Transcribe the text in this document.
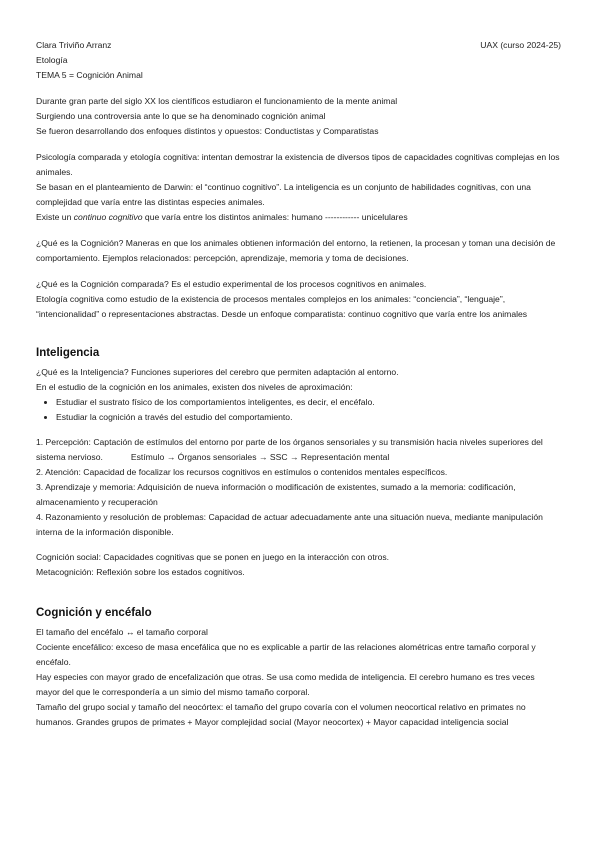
UAX (curso 2024-25)

Clara Triviño Arranz

Etología

TEMA 5 = Cognición Animal

Durante gran parte del siglo XX los científicos estudiaron el funcionamiento de la mente animal

Surgiendo una controversia ante lo que se ha denominado cognición animal

Se fueron desarrollando dos enfoques distintos y opuestos: Conductistas y Comparatistas

Psicología comparada y etología cognitiva: intentan demostrar la existencia de diversos tipos de capacidades cognitivas complejas en los animales.

Se basan en el planteamiento de Darwin: el “continuo cognitivo”. La inteligencia es un conjunto de habilidades cognitivas, con una complejidad que varía entre las distintas especies animales.

Existe un continuo cognitivo que varía entre los distintos animales: humano ------------ unicelulares

¿Qué es la Cognición? Maneras en que los animales obtienen información del entorno, la retienen, la procesan y toman una decisión de comportamiento. Ejemplos relacionados: percepción, aprendizaje, memoria y toma de decisiones.

¿Qué es la Cognición comparada? Es el estudio experimental de los procesos cognitivos en animales.

Etología cognitiva como estudio de la existencia de procesos mentales complejos en los animales: “conciencia”, “lenguaje”, “intencionalidad” o representaciones abstractas. Desde un enfoque comparatista: continuo cognitivo que varía entre los animales

Inteligencia

¿Qué es la Inteligencia? Funciones superiores del cerebro que permiten adaptación al entorno.

En el estudio de la cognición en los animales, existen dos niveles de aproximación:

• Estudiar el sustrato físico de los comportamientos inteligentes, es decir, el encéfalo.
• Estudiar la cognición a través del estudio del comportamiento.

1. Percepción: Captación de estímulos del entorno por parte de los órganos sensoriales y su transmisión hacia niveles superiores del sistema nervioso.	Estímulo → Órganos sensoriales → SSC → Representación mental

2. Atención: Capacidad de focalizar los recursos cognitivos en estímulos o contenidos mentales específicos.

3. Aprendizaje y memoria: Adquisición de nueva información o modificación de existentes, sumado a la memoria: codificación, almacenamiento y recuperación

4. Razonamiento y resolución de problemas: Capacidad de actuar adecuadamente ante una situación nueva, mediante manipulación interna de la información disponible.

Cognición social: Capacidades cognitivas que se ponen en juego en la interacción con otros.

Metacognición: Reflexión sobre los estados cognitivos.

Cognición y encéfalo

El tamaño del encéfalo ↔ el tamaño corporal

Cociente encefálico: exceso de masa encefálica que no es explicable a partir de las relaciones alométricas entre tamaño corporal y encéfalo.

Hay especies con mayor grado de encefalización que otras. Se usa como medida de inteligencia. El cerebro humano es tres veces mayor del que le correspondería a un simio del mismo tamaño corporal.

Tamaño del grupo social y tamaño del neocórtex: el tamaño del grupo covaría con el volumen neocortical relativo en primates no humanos. Grandes grupos de primates + Mayor complejidad social (Mayor neocortex) + Mayor capacidad inteligencia social
